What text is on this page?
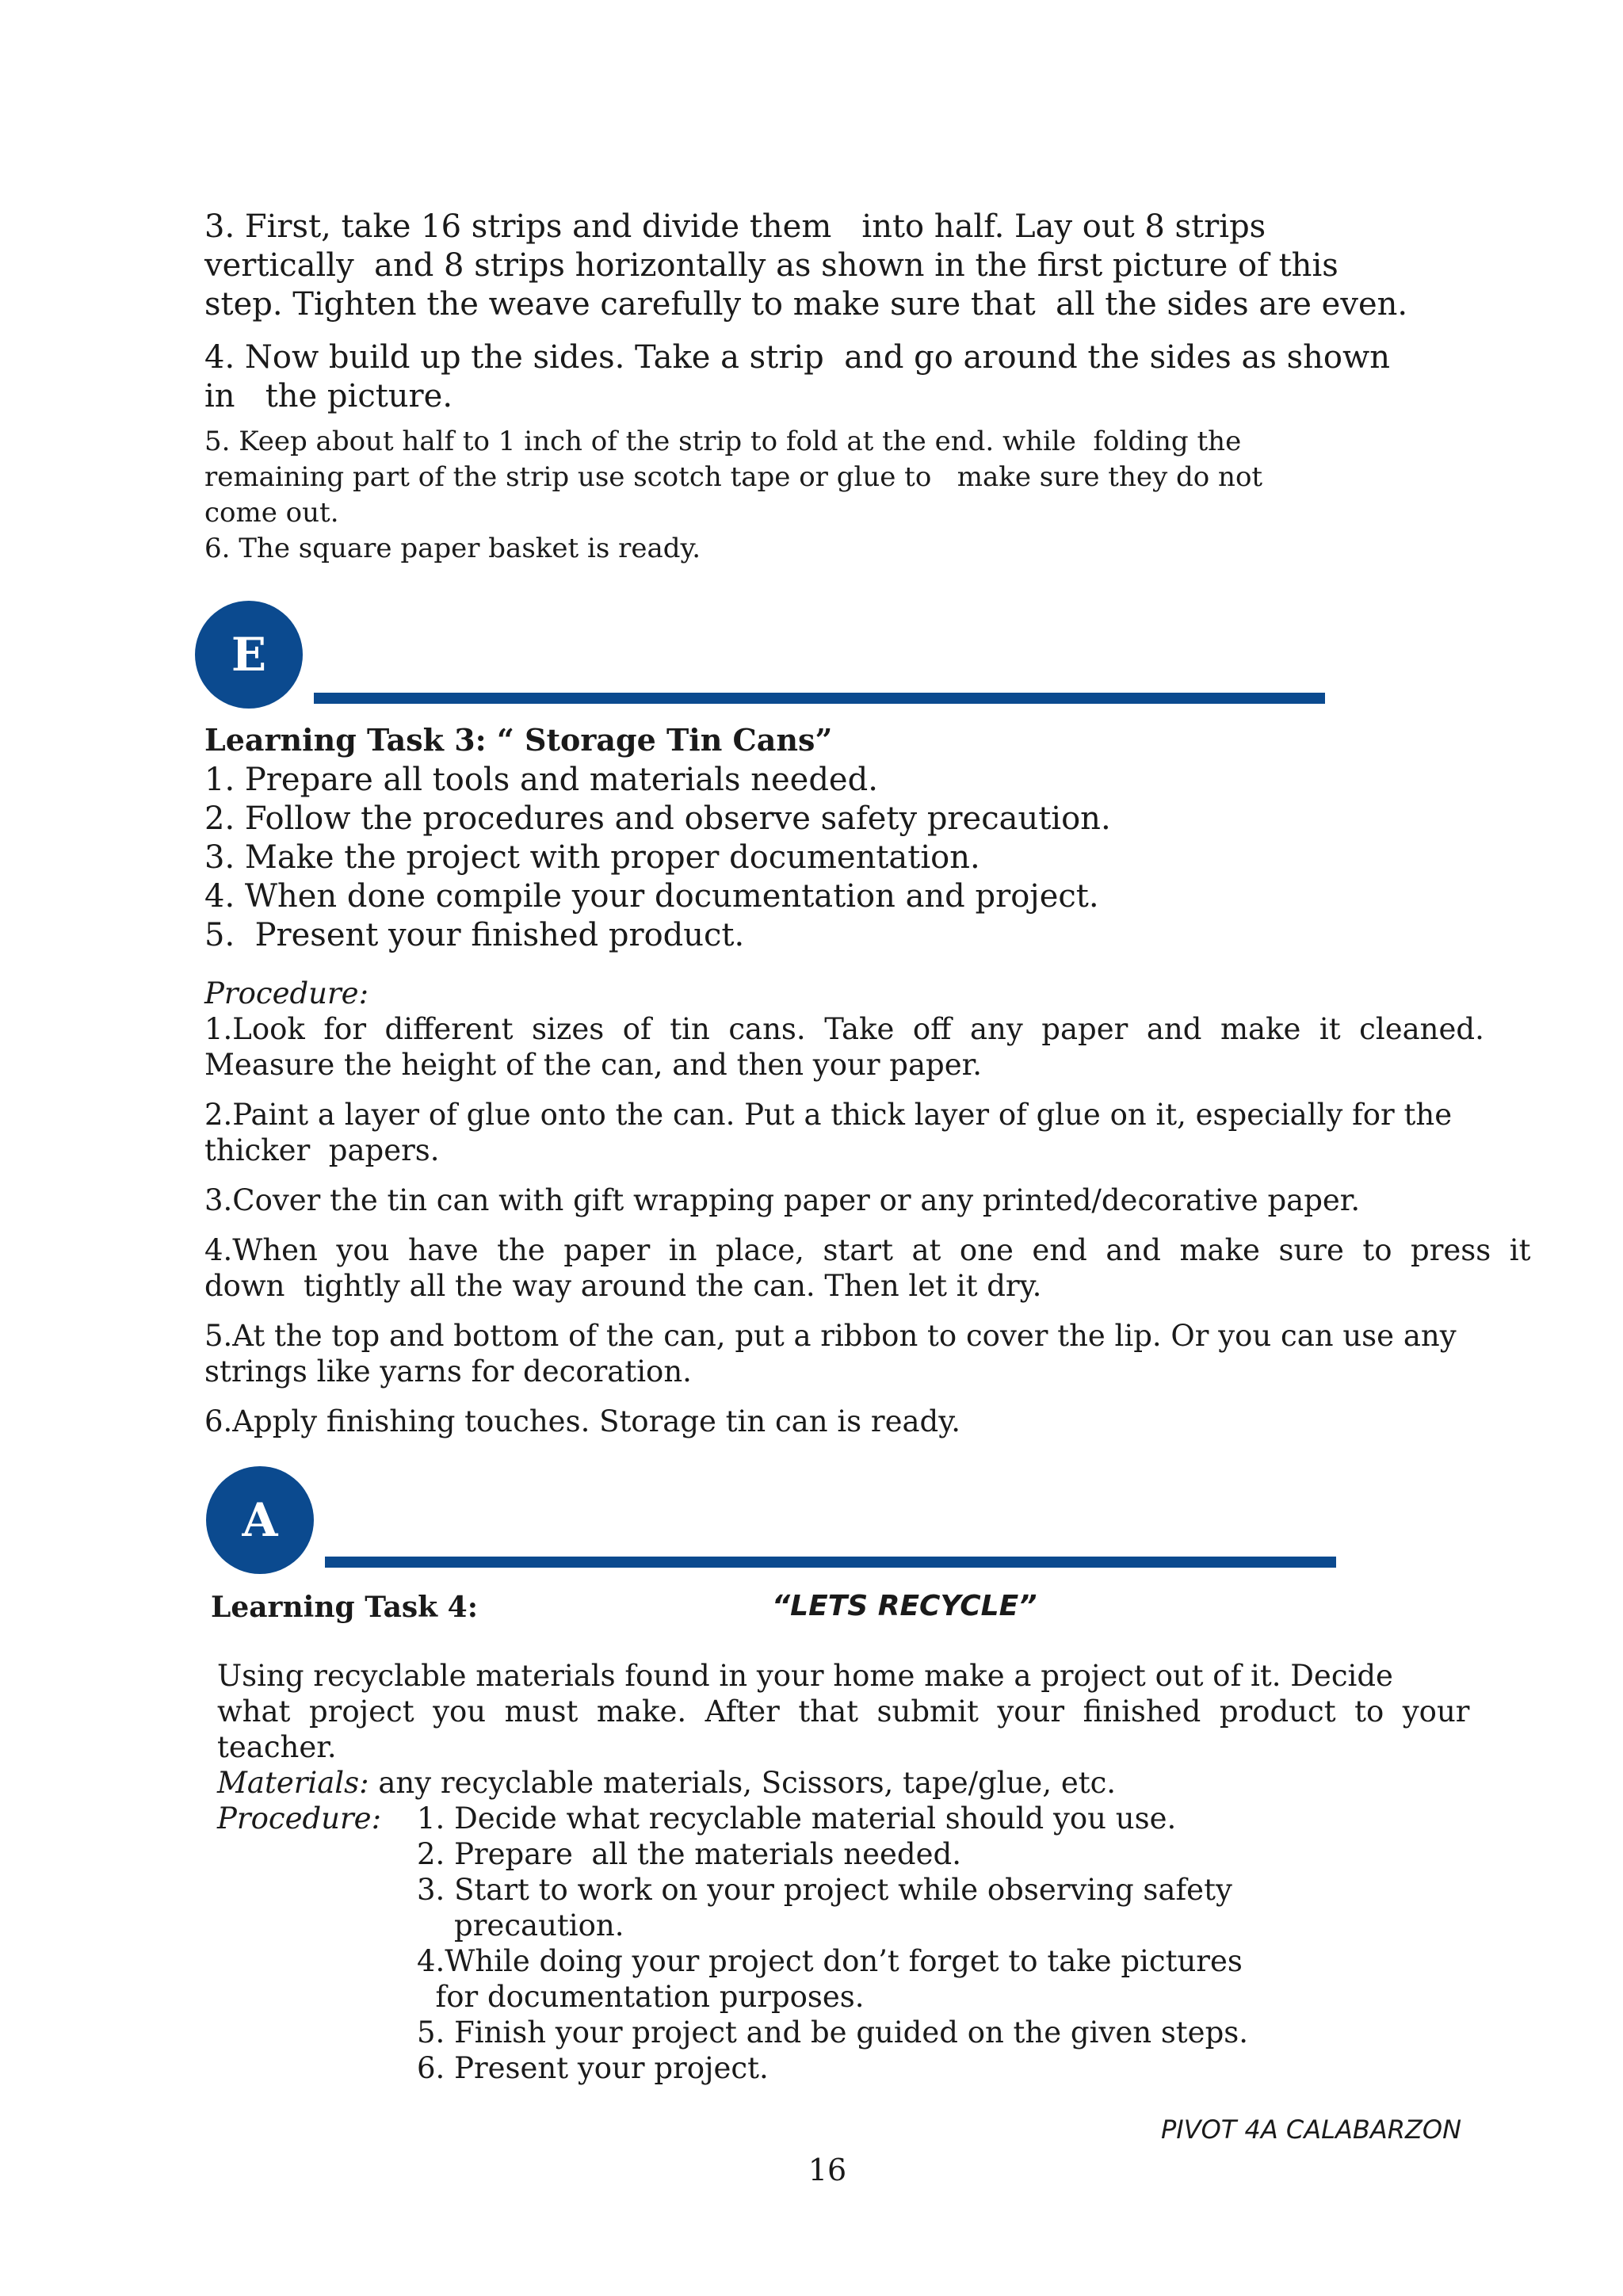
3. First, take 16 strips and divide them   into half. Lay out 8 strips
vertically  and 8 strips horizontally as shown in the first picture of this
step. Tighten the weave carefully to make sure that  all the sides are even.
4. Now build up the sides. Take a strip  and go around the sides as shown
in   the picture.
5. Keep about half to 1 inch of the strip to fold at the end. while  folding the
remaining part of the strip use scotch tape or glue to   make sure they do not
come out.
6. The square paper basket is ready.
E
Learning Task 3: “ Storage Tin Cans”
1. Prepare all tools and materials needed.
2. Follow the procedures and observe safety precaution.
3. Make the project with proper documentation.
4. When done compile your documentation and project.
5.  Present your finished product.
Procedure:
1.Look  for  different  sizes  of  tin  cans.  Take  off  any  paper  and  make  it  cleaned.
Measure the height of the can, and then your paper.
2.Paint a layer of glue onto the can. Put a thick layer of glue on it, especially for the
thicker  papers.
3.Cover the tin can with gift wrapping paper or any printed/decorative paper.
4.When  you  have  the  paper  in  place,  start  at  one  end  and  make  sure  to  press  it
down  tightly all the way around the can. Then let it dry.
5.At the top and bottom of the can, put a ribbon to cover the lip. Or you can use any
strings like yarns for decoration.
6.Apply finishing touches. Storage tin can is ready.
A
Learning Task 4:	“LETS RECYCLE”
Using recyclable materials found in your home make a project out of it. Decide
what  project  you  must  make.  After  that  submit  your  finished  product  to  your
teacher.
Materials: any recyclable materials, Scissors, tape/glue, etc.
Procedure: 1. Decide what recyclable material should you use.
2. Prepare  all the materials needed.
3. Start to work on your project while observing safety
precaution.
4.While doing your project don’t forget to take pictures
for documentation purposes.
5. Finish your project and be guided on the given steps.
6. Present your project.
PIVOT 4A CALABARZON
16
